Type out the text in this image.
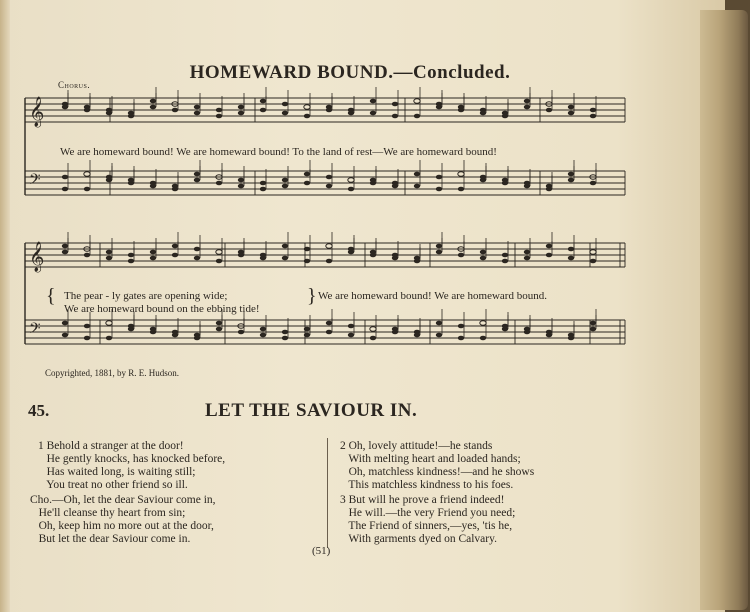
HOMEWARD BOUND.—Concluded.
Chorus.
𝄞
𝄢
𝄞
𝄢
We are homeward bound! We are homeward bound! To the land of rest—We are homeward bound!
{ The pear - ly gates are opening wide;
We are homeward bound on the ebbing tide!
} We are homeward bound! We are homeward bound.
Copyrighted, 1881, by R. E. Hudson.
45.	LET THE SAVIOUR IN.
1 Behold a stranger at the door!
He gently knocks, has knocked before,
Has waited long, is waiting still;
You treat no other friend so ill.
Cho.—Oh, let the dear Saviour come in,
He'll cleanse thy heart from sin;
Oh, keep him no more out at the door,
But let the dear Saviour come in.
2 Oh, lovely attitude!—he stands
With melting heart and loaded hands;
Oh, matchless kindness!—and he shows
This matchless kindness to his foes.
3 But will he prove a friend indeed!
He will.—the very Friend you need;
The Friend of sinners,—yes, 'tis he,
With garments dyed on Calvary.
(51)
